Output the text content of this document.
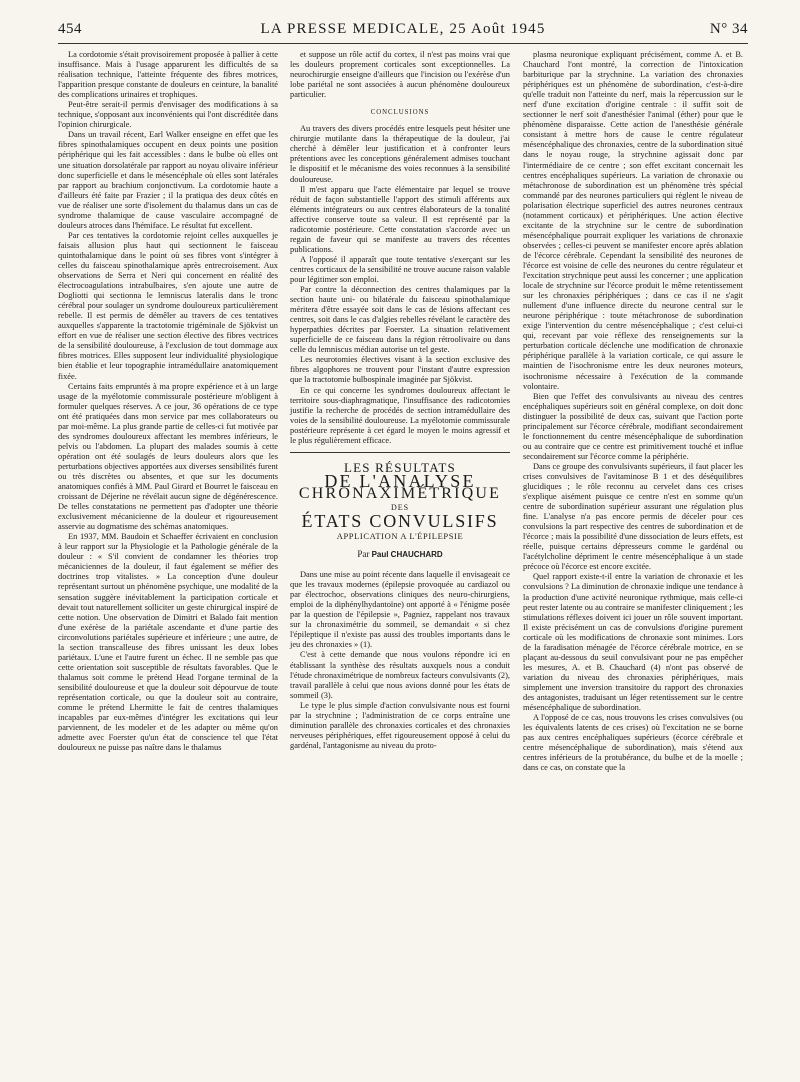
454	LA PRESSE MEDICALE, 25 Août 1945	N° 34

La cordotomie s'était provisoirement proposée à pallier à cette insuffisance. Mais à l'usage apparurent les difficultés de sa réalisation technique, l'atteinte fréquente des fibres motrices, l'apparition presque constante de douleurs en ceinture, la banalité des complications urinaires et trophiques.

Peut-être serait-il permis d'envisager des modifications à sa technique, s'opposant aux inconvénients qui l'ont discréditée dans l'opinion chirurgicale.

Dans un travail récent, Earl Walker enseigne en effet que les fibres spinothalamiques occupent en deux points une position périphérique qui les fait accessibles : dans le bulbe où elles ont une situation dorsolatérale par rapport au noyau olivaire inférieur donc superficielle et dans le mésencéphale où elles sont latérales par rapport au brachium conjonctivum. La cordotomie haute a d'ailleurs été faite par Frazier ; il la pratiqua des deux côtés en vue de réaliser une sorte d'isolement du thalamus dans un cas de syndrome thalamique de cause vasculaire accompagné de douleurs atroces dans l'hémiface. Le résultat fut excellent.

Par ces tentatives la cordotomie rejoint celles auxquelles je faisais allusion plus haut qui sectionnent le faisceau quintothalamique dans le point où ses fibres vont s'intégrer à celles du faisceau spinothalamique après entrecroisement. Aux observations de Serra et Neri qui concernent en réalité des électrocoagulations intrabulbaires, s'en ajoute une autre de Dogliotti qui sectionna le lemniscus lateralis dans le tronc cérébral pour soulager un syndrome douloureux particulièrement rebelle. Il est permis de démêler au travers de ces tentatives auxquelles s'apparente la tractotomie trigéminale de Sjökvist un effort en vue de réaliser une section élective des fibres vectrices de la sensibilité douloureuse, à l'exclusion de tout dommage aux fibres motrices. Elles supposent leur individualité physiologique bien établie et leur topographie intramédullaire anatomiquement fixée.

Certains faits empruntés à ma propre expérience et à un large usage de la myélotomie commissurale postérieure m'obligent à formuler quelques réserves. A ce jour, 36 opérations de ce type ont été pratiquées dans mon service par mes collaborateurs ou par moi-même. La plus grande partie de celles-ci fut motivée par des syndromes douloureux affectant les membres inférieurs, le pelvis ou l'abdomen. La plupart des malades soumis à cette opération ont été soulagés de leurs douleurs alors que les perturbations objectives apportées aux diverses sensibilités furent ou très discrètes ou absentes, et que sur les documents anatomiques confiés à MM. Paul Girard et Bourret le faisceau en croissant de Déjerine ne révélait aucun signe de dégénérescence. De telles constatations ne permettent pas d'adopter une théorie exclusivement mécanicienne de la douleur et rigoureusement asservie au dogmatisme des schémas anatomiques.

En 1937, MM. Baudoin et Schaeffer écrivaient en conclusion à leur rapport sur la Physiologie et la Pathologie générale de la douleur : « S'il convient de condamner les théories trop mécaniciennes de la douleur, il faut également se méfier des doctrines trop vitalistes. » La conception d'une douleur représentant surtout un phénomène psychique, une modalité de la sensation suggère inévitablement la participation corticale et devait tout naturellement solliciter un geste chirurgical inspiré de cette notion. Une observation de Dimitri et Balado fait mention d'une exérèse de la pariétale ascendante et d'une partie des circonvolutions pariétales supérieure et inférieure ; une autre, de la section transcalleuse des fibres unissant les deux lobes pariétaux. L'une et l'autre furent un échec. Il ne semble pas que cette orientation soit susceptible de résultats favorables. Que le thalamus soit comme le prétend Head l'organe terminal de la sensibilité douloureuse et que la douleur soit dépourvue de toute représentation corticale, ou que la douleur soit au contraire, comme le prétend Lhermitte le fait de centres thalamiques incapables par eux-mêmes d'intégrer les excitations qui leur parviennent, de les modeler et de les adapter ou même qu'on admette avec Foerster qu'un état de conscience tel que l'état douloureux ne puisse pas naître dans le thalamus

et suppose un rôle actif du cortex, il n'est pas moins vrai que les douleurs proprement corticales sont exceptionnelles. La neurochirurgie enseigne d'ailleurs que l'incision ou l'exérèse d'un lobe pariétal ne sont associées à aucun phénomène douloureux particulier.

CONCLUSIONS

Au travers des divers procédés entre lesquels peut hésiter une chirurgie mutilante dans la thérapeutique de la douleur, j'ai cherché à démêler leur justification et à confronter leurs prétentions avec les conceptions généralement admises touchant le dispositif et le mécanisme des voies reconnues à la sensibilité douloureuse.

Il m'est apparu que l'acte élémentaire par lequel se trouve réduit de façon substantielle l'apport des stimuli afférents aux éléments intégrateurs ou aux centres élaborateurs de la tonalité affective conserve toute sa valeur. Il est représenté par la radicotomie postérieure. Cette constatation s'accorde avec un regain de faveur qui se manifeste au travers des récentes publications.

A l'opposé il apparaît que toute tentative s'exerçant sur les centres corticaux de la sensibilité ne trouve aucune raison valable pour légitimer son emploi.

Par contre la déconnection des centres thalamiques par la section haute uni- ou bilatérale du faisceau spinothalamique méritera d'être essayée soit dans le cas de lésions affectant ces centres, soit dans le cas d'algies rebelles révélant le caractère des hyperpathies décrites par Foerster. La situation relativement superficielle de ce faisceau dans la région rétroolivaire ou dans celle du lemniscus médian autorise un tel geste.

Les neurotomies électives visant à la section exclusive des fibres algophores ne trouvent pour l'instant d'autre expression que la tractotomie bulbospinale imaginée par Sjökvist.

En ce qui concerne les syndromes douloureux affectant le territoire sous-diaphragmatique, l'insuffisance des radicotomies justifie la recherche de procédés de section intramédullaire des voies de la sensibilité douloureuse. La myélotomie commissurale postérieure représente à cet égard le moyen le moins agressif et le plus régulièrement efficace.

LES RÉSULTATS
DE L'ANALYSE
CHRONAXIMÉTRIQUE
DES
ÉTATS CONVULSIFS
APPLICATION A L'ÉPILEPSIE
Par Paul CHAUCHARD

Dans une mise au point récente dans laquelle il envisageait ce que les travaux modernes (épilepsie provoquée au cardiazol ou par électrochoc, observations cliniques des neuro-chirurgiens, emploi de la diphénylhydantoïne) ont apporté à « l'énigme posée par la question de l'épilepsie », Pagniez, rappelant nos travaux sur la chronaximétrie du sommeil, se demandait « si chez l'épileptique il n'existe pas aussi des troubles importants dans le jeu des chronaxies » (1).

C'est à cette demande que nous voulons répondre ici en établissant la synthèse des résultats auxquels nous a conduit l'étude chronaximétrique de nombreux facteurs convulsivants (2), travail parallèle à celui que nous avions donné pour les états de sommeil (3).

Le type le plus simple d'action convulsivante nous est fourni par la strychnine ; l'administration de ce corps entraîne une diminution parallèle des chronaxies corticales et des chronaxies nerveuses périphériques, effet rigoureusement opposé à celui du gardénal, l'antagonisme au niveau du proto-

plasma neuronique expliquant précisément, comme A. et B. Chauchard l'ont montré, la correction de l'intoxication barbiturique par la strychnine. La variation des chronaxies périphériques est un phénomène de subordination, c'est-à-dire qu'elle traduit non l'atteinte du nerf, mais la répercussion sur le nerf d'une excitation d'origine centrale : il suffit soit de sectionner le nerf soit d'anesthésier l'animal (éther) pour que le phénomène disparaisse. Cette action de l'anesthésie générale consistant à mettre hors de cause le centre régulateur mésencéphalique des chronaxies, centre de la subordination situé dans le noyau rouge, la strychnine agissait donc par l'intermédiaire de ce centre ; son effet excitant concernait les centres encéphaliques supérieurs. La variation de chronaxie ou métachronose de subordination est un phénomène très spécial commandé par des neurones particuliers qui règlent le niveau de polarisation électrique superficiel des autres neurones centraux (notamment corticaux) et périphériques. Une action élective excitante de la strychnine sur le centre de subordination mésencéphalique pourrait expliquer les variations de chronaxie observées ; celles-ci peuvent se manifester encore après ablation de l'écorce cérébrale. Cependant la sensibilité des neurones de l'écorce est voisine de celle des neurones du centre régulateur et l'excitation strychnique peut aussi les concerner ; une application locale de strychnine sur l'écorce produit le même retentissement sur les chronaxies périphériques ; dans ce cas il ne s'agit nullement d'une influence directe du neurone central sur le neurone périphérique : toute métachronose de subordination exige l'intervention du centre mésencéphalique ; c'est celui-ci qui, recevant par voie réflexe des renseignements sur la perturbation corticale déclenche une modification de chronaxie périphérique parallèle à la variation corticale, ce qui assure le maintien de l'isochronisme entre les deux neurones moteurs, isochronisme nécessaire à l'exécution de la commande volontaire.

Bien que l'effet des convulsivants au niveau des centres encéphaliques supérieurs soit en général complexe, on doit donc distinguer la possibilité de deux cas, suivant que l'action porte principalement sur l'écorce cérébrale, modifiant secondairement le fonctionnement du centre mésencéphalique de subordination ou au contraire que ce centre est primitivement touché et influe secondairement sur l'écorce comme la périphérie.

Dans ce groupe des convulsivants supérieurs, il faut placer les crises convulsives de l'avitaminose B 1 et des déséquilibres glucidiques ; le rôle reconnu au cervelet dans ces crises s'explique aisément puisque ce centre n'est en somme qu'un centre de subordination supérieur assurant une régulation plus fine. L'analyse n'a pas encore permis de déceler pour ces convulsions la part respective des centres de subordination et de l'écorce ; mais la possibilité d'une dissociation de leurs effets, est réelle, puisque certains dépresseurs comme le gardénal ou l'acétylcholine dépriment le centre mésencéphalique à un stade précoce où l'écorce est encore excitée.

Quel rapport existe-t-il entre la variation de chronaxie et les convulsions ? La diminution de chronaxie indique une tendance à la production d'une activité neuronique rythmique, mais celle-ci peut rester latente ou au contraire se manifester cliniquement ; les stimulations réflexes doivent ici jouer un rôle souvent important. Il existe précisément un cas de convulsions d'origine purement corticale où les modifications de chronaxie sont minimes. Lors de la faradisation ménagée de l'écorce cérébrale motrice, en se plaçant au-dessous du seuil convulsivant pour ne pas empêcher les mesures, A. et B. Chauchard (4) n'ont pas observé de variation du niveau des chronaxies périphériques, mais simplement une inversion transitoire du rapport des chronaxies des antagonistes, traduisant un léger retentissement sur le centre mésencéphalique de subordination.

A l'opposé de ce cas, nous trouvons les crises convulsives (ou les équivalents latents de ces crises) où l'excitation ne se borne pas aux centres encéphaliques supérieurs (écorce cérébrale et centre mésencéphalique de subordination), mais s'étend aux centres inférieurs de la protubérance, du bulbe et de la moelle ; dans ce cas, on constate que la
